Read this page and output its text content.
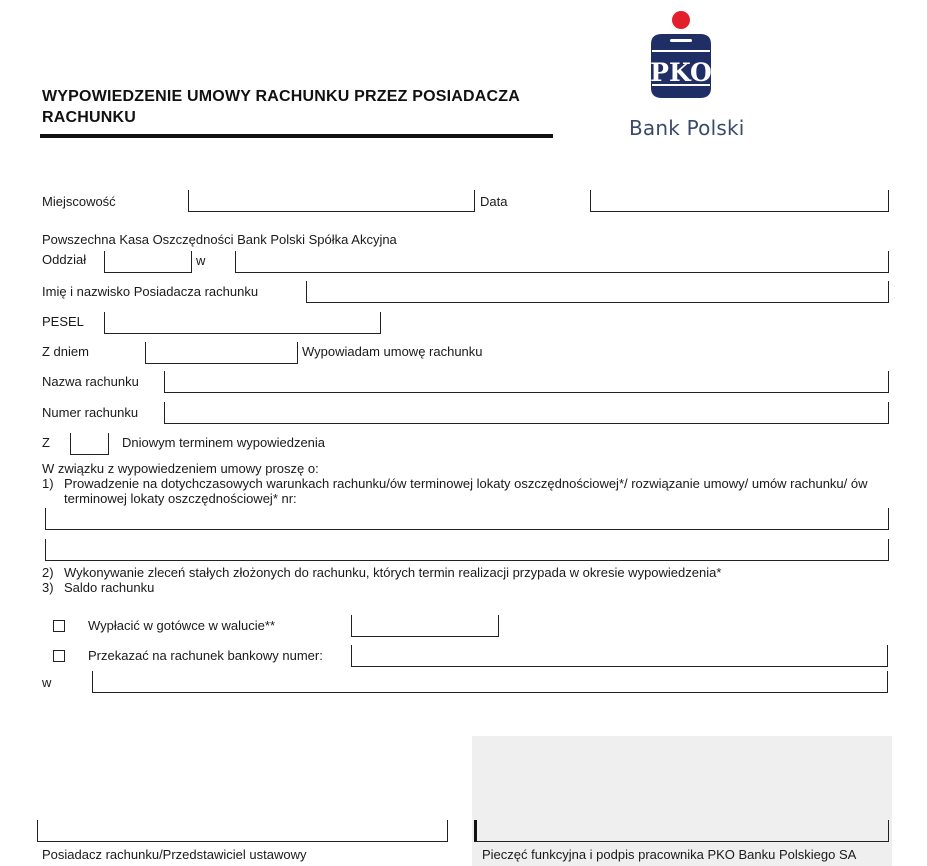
WYPOWIEDZENIE UMOWY RACHUNKU PRZEZ POSIADACZA
RACHUNKU
PKO
Bank Polski
Miejscowość	Data
Powszechna Kasa Oszczędności Bank Polski Spółka Akcyjna
Oddział	w
Imię i nazwisko Posiadacza rachunku
PESEL
Z dniem	Wypowiadam umowę rachunku
Nazwa rachunku
Numer rachunku
Z	Dniowym terminem wypowiedzenia
W związku z wypowiedzeniem umowy proszę o:
1) Prowadzenie na dotychczasowych warunkach rachunku/ów terminowej lokaty oszczędnościowej*/ rozwiązanie umowy/ umów rachunku/ ów
terminowej lokaty oszczędnościowej* nr:
2) Wykonywanie zleceń stałych złożonych do rachunku, których termin realizacji przypada w okresie wypowiedzenia*
3) Saldo rachunku
Wypłacić w gotówce w walucie**
Przekazać na rachunek bankowy numer:
w
Posiadacz rachunku/Przedstawiciel ustawowy	Pieczęć funkcyjna i podpis pracownika PKO Banku Polskiego SA
